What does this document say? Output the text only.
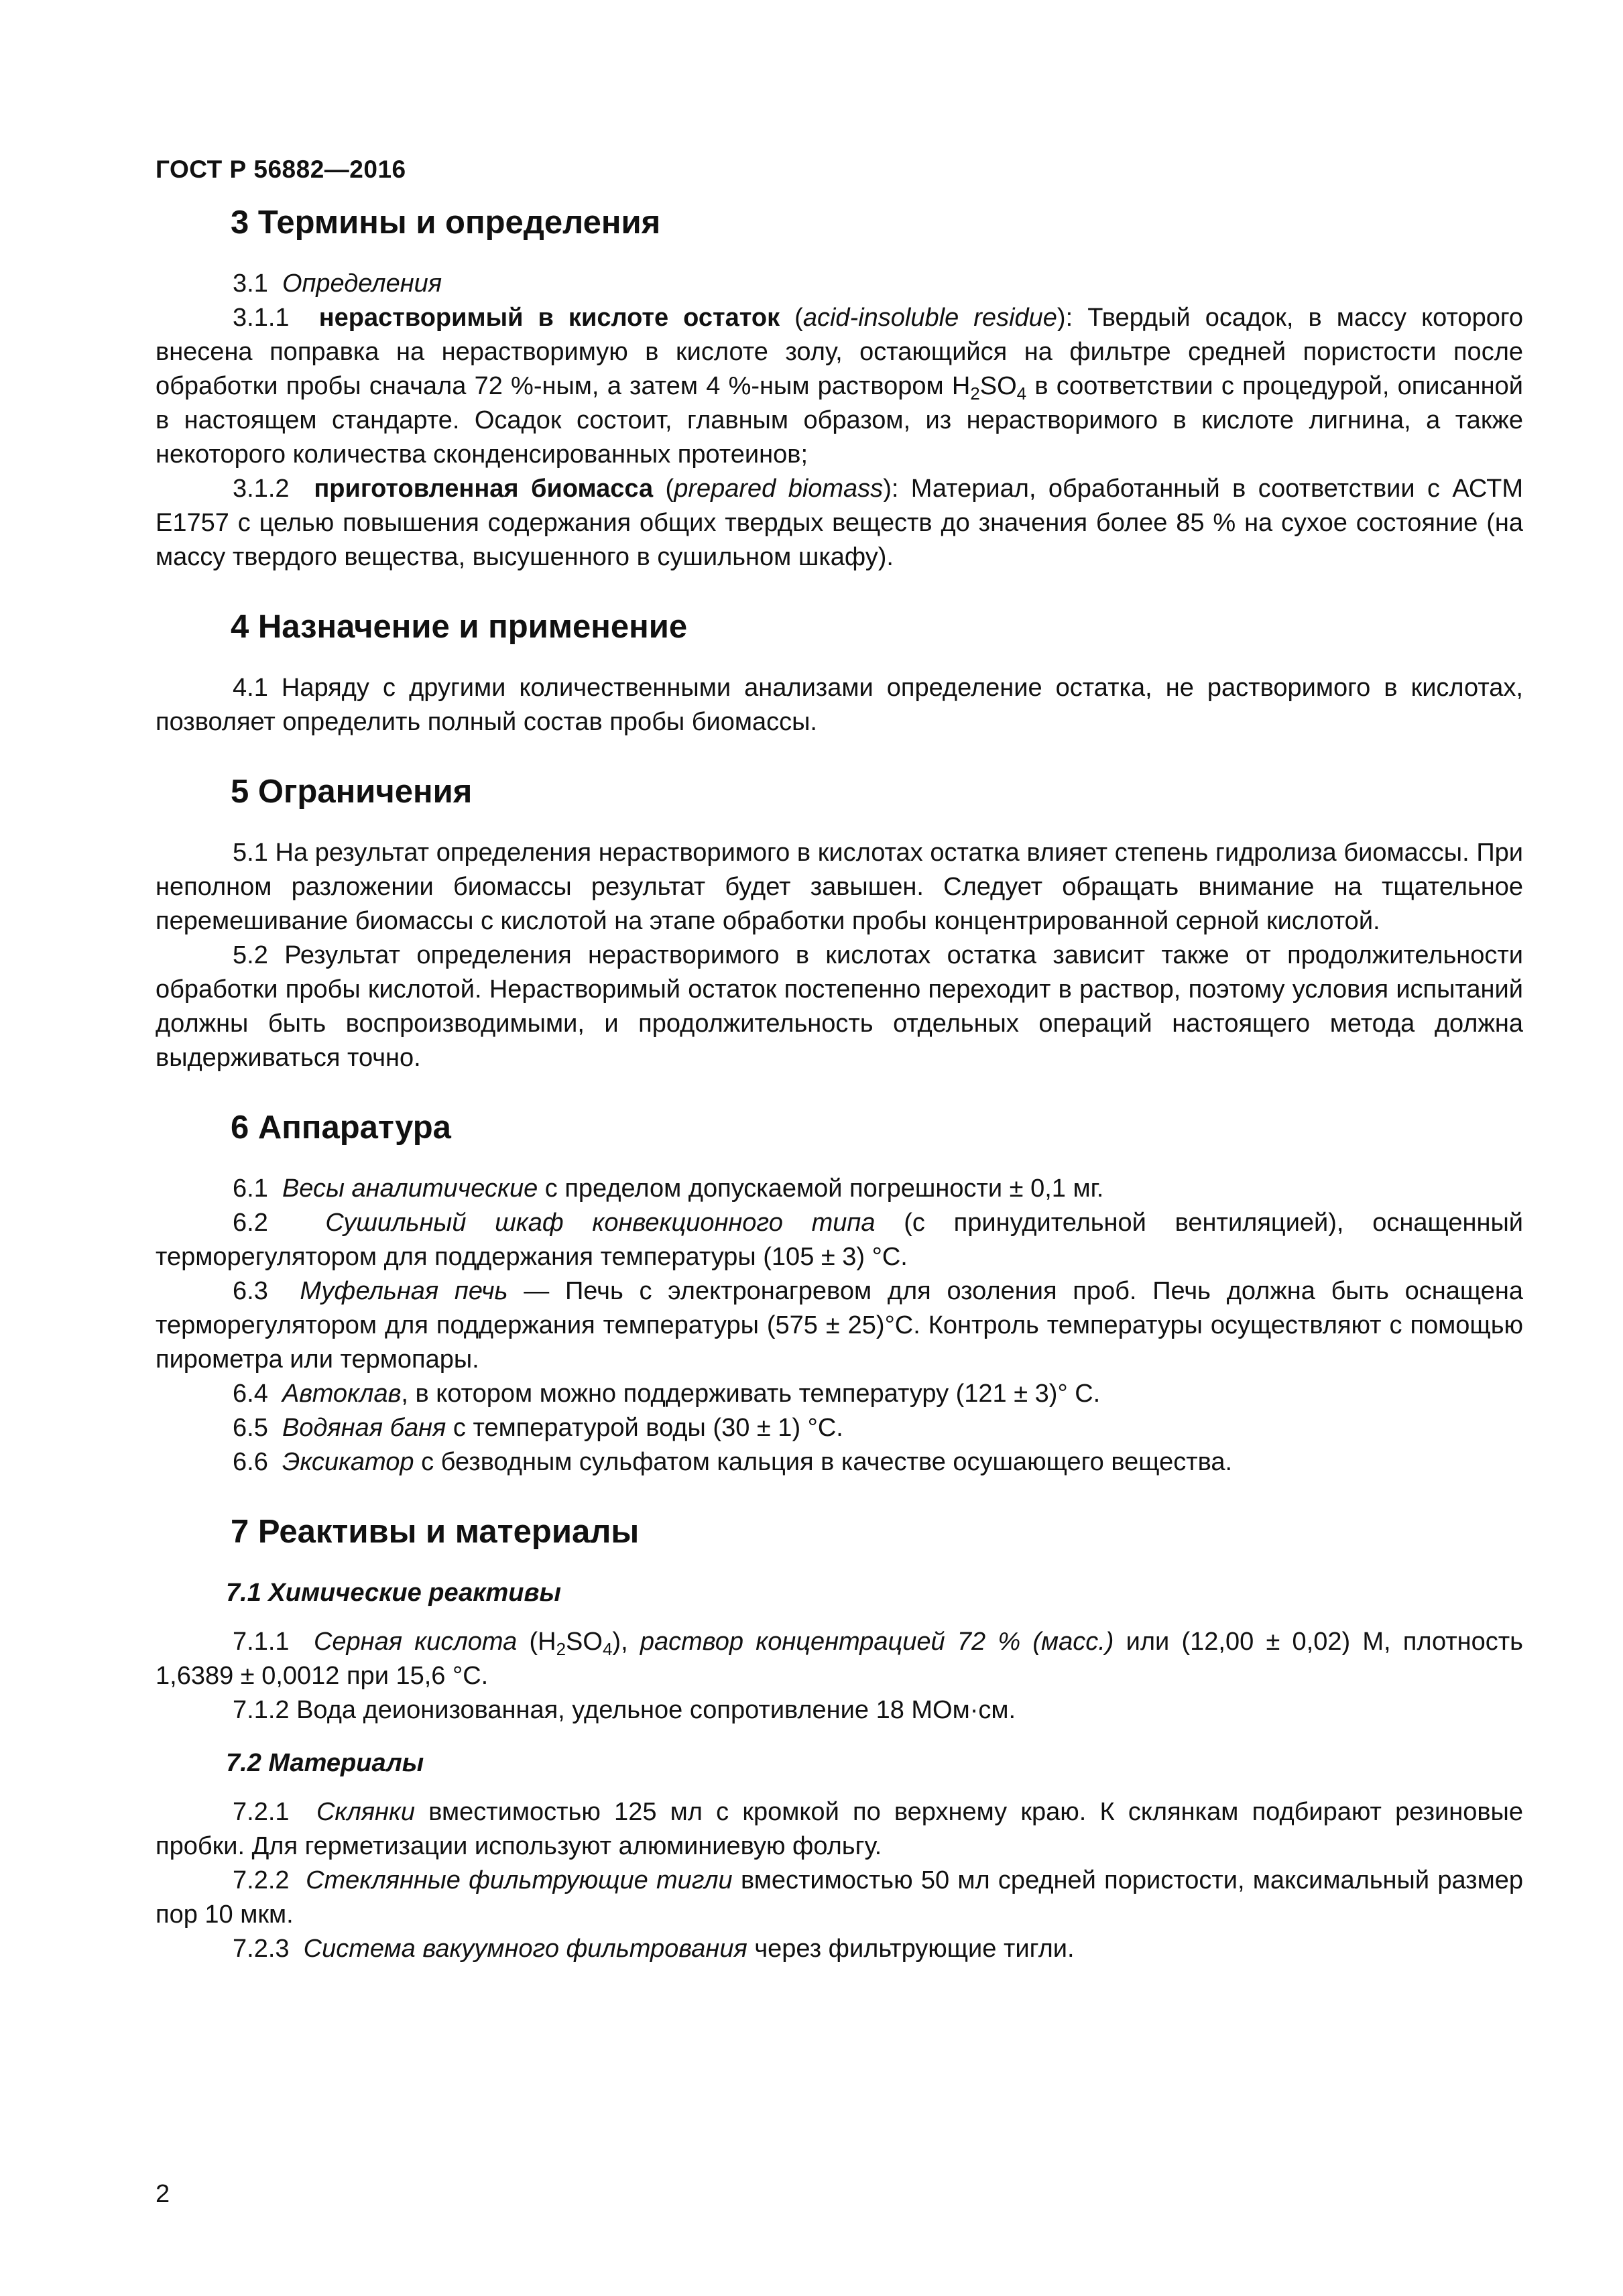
ГОСТ Р 56882—2016
3 Термины и определения

3.1 Определения

3.1.1 нерастворимый в кислоте остаток (acid-insoluble residue): Твердый осадок, в массу которого внесена поправка на нерастворимую в кислоте золу, остающийся на фильтре средней пористости после обработки пробы сначала 72 %-ным, а затем 4 %-ным раствором $H_2SO_4$ в соответствии с процедурой, описанной в настоящем стандарте. Осадок состоит, главным образом, из нерастворимого в кислоте лигнина, а также некоторого количества сконденсированных протеинов;

3.1.2 приготовленная биомасса (prepared biomass): Материал, обработанный в соответствии с АСТМ E1757 с целью повышения содержания общих твердых веществ до значения более 85 % на сухое состояние (на массу твердого вещества, высушенного в сушильном шкафу).

4 Назначение и применение

4.1 Наряду с другими количественными анализами определение остатка, не растворимого в кислотах, позволяет определить полный состав пробы биомассы.

5 Ограничения

5.1 На результат определения нерастворимого в кислотах остатка влияет степень гидролиза биомассы. При неполном разложении биомассы результат будет завышен. Следует обращать внимание на тщательное перемешивание биомассы с кислотой на этапе обработки пробы концентрированной серной кислотой.

5.2 Результат определения нерастворимого в кислотах остатка зависит также от продолжительности обработки пробы кислотой. Нерастворимый остаток постепенно переходит в раствор, поэтому условия испытаний должны быть воспроизводимыми, и продолжительность отдельных операций настоящего метода должна выдерживаться точно.

6 Аппаратура

6.1 Весы аналитические с пределом допускаемой погрешности ± 0,1 мг.

6.2 Сушильный шкаф конвекционного типа (с принудительной вентиляцией), оснащенный терморегулятором для поддержания температуры (105 ± 3) °С.

6.3 Муфельная печь — Печь с электронагревом для озоления проб. Печь должна быть оснащена терморегулятором для поддержания температуры (575 ± 25)°С. Контроль температуры осуществляют с помощью пирометра или термопары.

6.4 Автоклав, в котором можно поддерживать температуру (121 ± 3)° С.

6.5 Водяная баня с температурой воды (30 ± 1) °С.

6.6 Эксикатор с безводным сульфатом кальция в качестве осушающего вещества.

7 Реактивы и материалы
7.1 Химические реактивы

7.1.1 Серная кислота $(H_2SO_4)$, раствор концентрацией 72 % (масс.) или (12,00 ± 0,02) М, плотность 1,6389 ± 0,0012 при 15,6 °С.

7.1.2 Вода деионизованная, удельное сопротивление 18 МОм·см.

7.2 Материалы

7.2.1 Склянки вместимостью 125 мл с кромкой по верхнему краю. К склянкам подбирают резиновые пробки. Для герметизации используют алюминиевую фольгу.

7.2.2 Стеклянные фильтрующие тигли вместимостью 50 мл средней пористости, максимальный размер пор 10 мкм.

7.2.3 Система вакуумного фильтрования через фильтрующие тигли.

2
